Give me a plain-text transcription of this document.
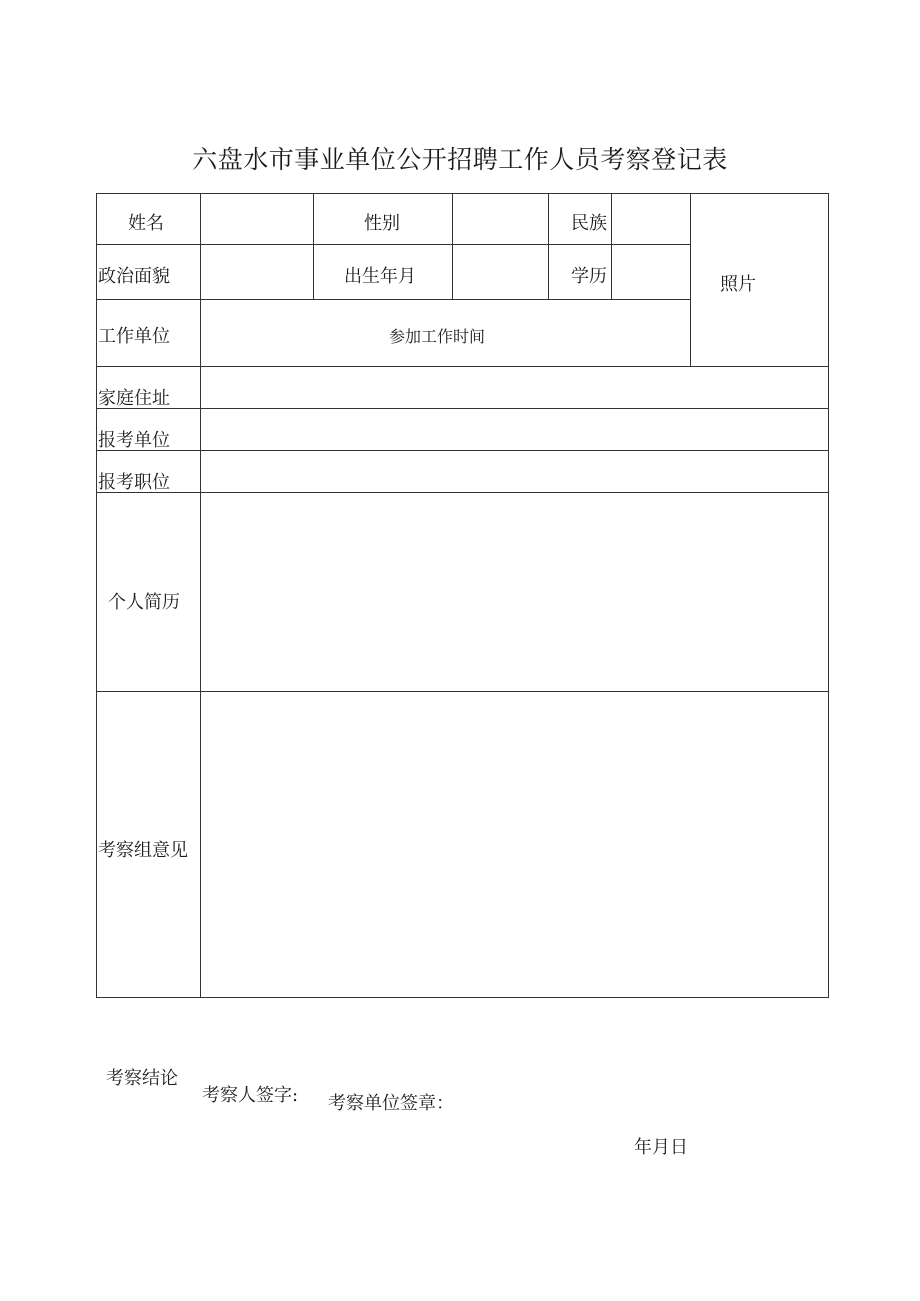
六盘水市事业单位公开招聘工作人员考察登记表
姓名	性别	民族
照片
政治面貌	出生年月	学历
工作单位	参加工作时间
家庭住址
报考单位
报考职位
个人简历
考察组意见
考察结论
考察人签字: 考察单位签章：
年月日
